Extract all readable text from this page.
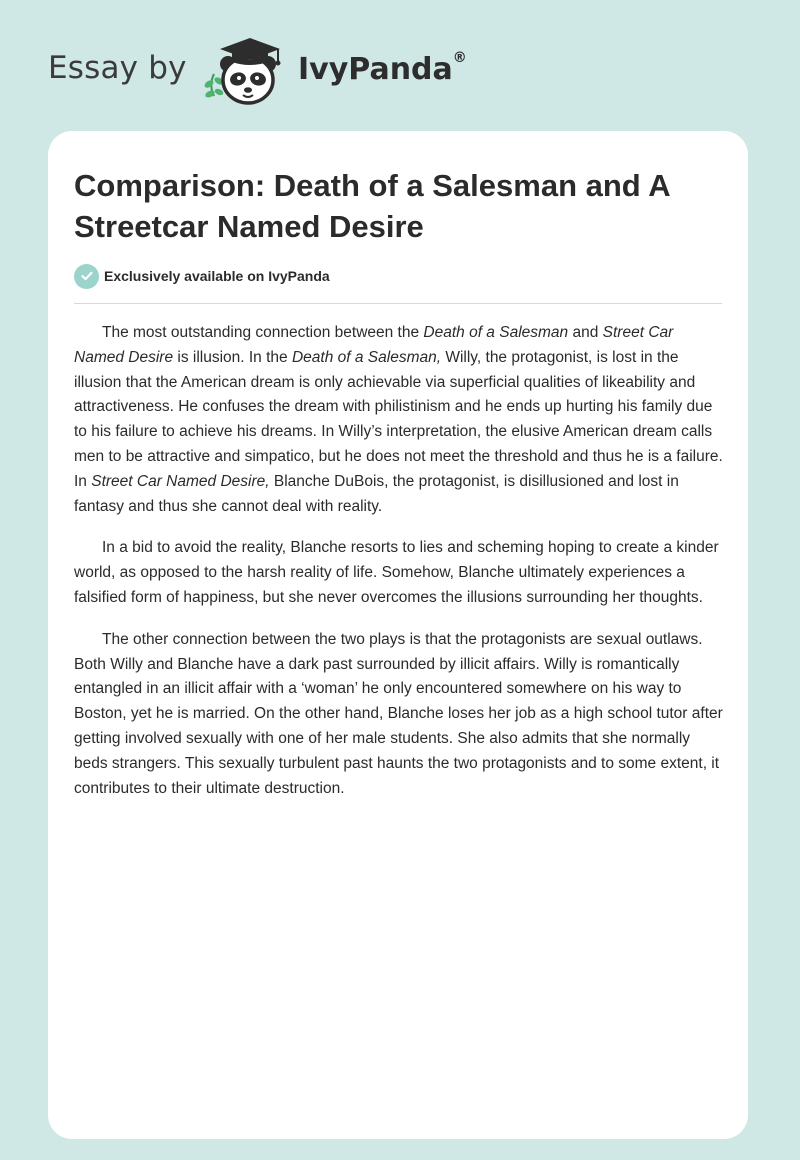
Essay by	IvyPanda®
Comparison: Death of a Salesman and A Streetcar Named Desire
Exclusively available on IvyPanda

The most outstanding connection between the Death of a Salesman and Street Car Named Desire is illusion. In the Death of a Salesman, Willy, the protagonist, is lost in the illusion that the American dream is only achievable via superficial qualities of likeability and attractiveness. He confuses the dream with philistinism and he ends up hurting his family due to his failure to achieve his dreams. In Willy’s interpretation, the elusive American dream calls men to be attractive and simpatico, but he does not meet the threshold and thus he is a failure. In Street Car Named Desire, Blanche DuBois, the protagonist, is disillusioned and lost in fantasy and thus she cannot deal with reality.

In a bid to avoid the reality, Blanche resorts to lies and scheming hoping to create a kinder world, as opposed to the harsh reality of life. Somehow, Blanche ultimately experiences a falsified form of happiness, but she never overcomes the illusions surrounding her thoughts.

The other connection between the two plays is that the protagonists are sexual outlaws. Both Willy and Blanche have a dark past surrounded by illicit affairs. Willy is romantically entangled in an illicit affair with a ‘woman’ he only encountered somewhere on his way to Boston, yet he is married. On the other hand, Blanche loses her job as a high school tutor after getting involved sexually with one of her male students. She also admits that she normally beds strangers. This sexually turbulent past haunts the two protagonists and to some extent, it contributes to their ultimate destruction.
